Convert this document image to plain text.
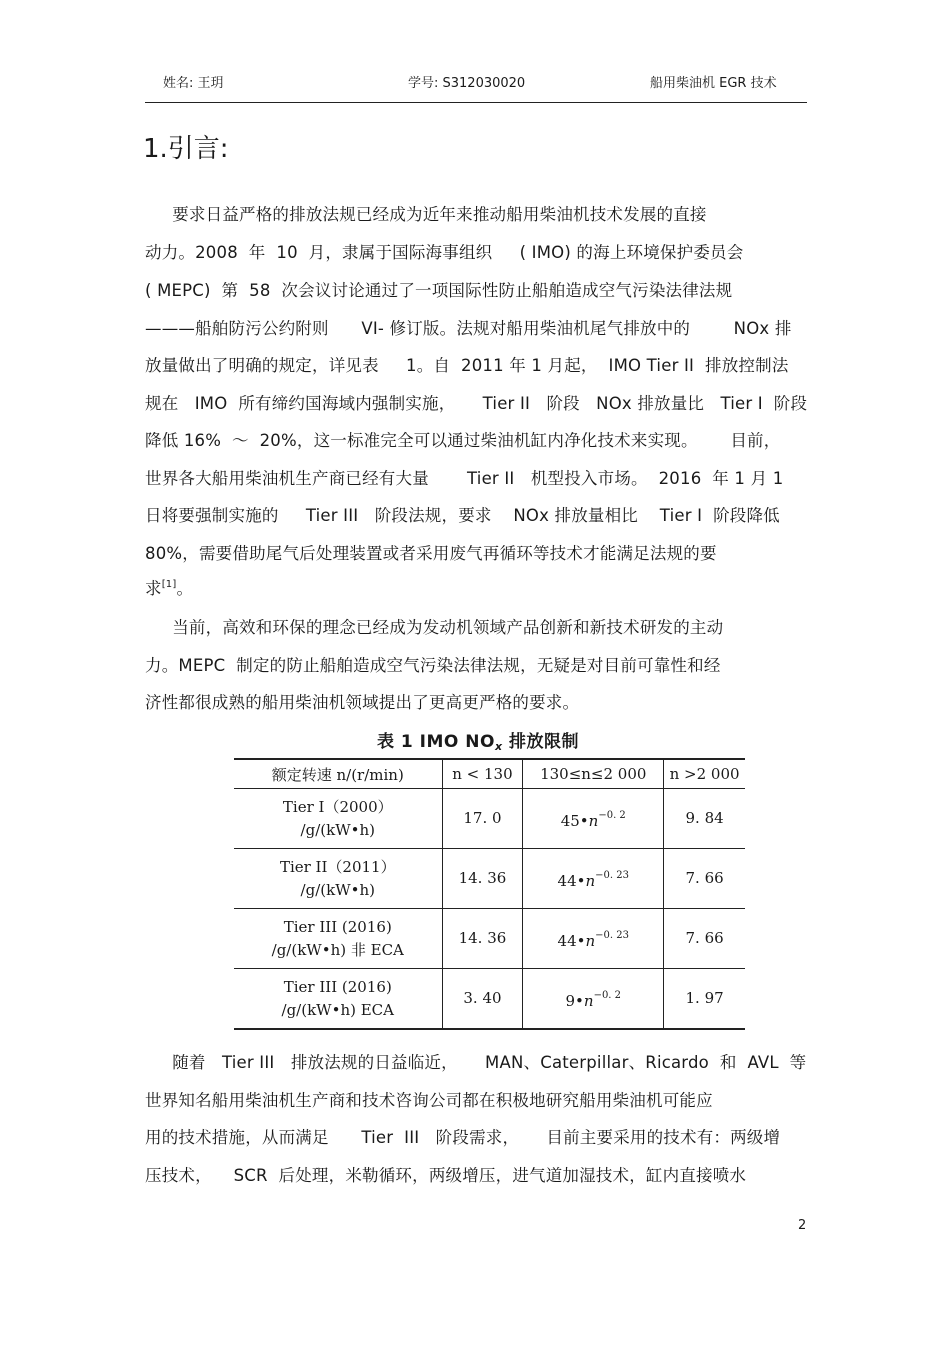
姓名: 王玥	学号: S312030020	船用柴油机 EGR 技术
1.引言:
要求日益严格的排放法规已经成为近年来推动船用柴油机技术发展的直接
动力。2008  年  10  月，隶属于国际海事组织     ( IMO) 的海上环境保护委员会
( MEPC)  第  58  次会议讨论通过了一项国际性防止船舶造成空气污染法律法规
———船舶防污公约附则      VI- 修订版。法规对船用柴油机尾气排放中的        NOx 排
放量做出了明确的规定，详见表     1。自  2011 年 1 月起，  IMO Tier II  排放控制法
规在   IMO  所有缔约国海域内强制实施，     Tier II   阶段   NOx 排放量比   Tier I  阶段
降低 16%  ～  20%，这一标准完全可以通过柴油机缸内净化技术来实现。      目前，
世界各大船用柴油机生产商已经有大量       Tier II   机型投入市场。  2016  年 1 月 1
日将要强制实施的     Tier III   阶段法规，要求    NOx 排放量相比    Tier I  阶段降低
80%，需要借助尾气后处理装置或者采用废气再循环等技术才能满足法规的要
求[1]。
当前，高效和环保的理念已经成为发动机领域产品创新和新技术研发的主动
力。MEPC  制定的防止船舶造成空气污染法律法规，无疑是对目前可靠性和经
济性都很成熟的船用柴油机领域提出了更高更严格的要求。
表 1 IMO $NO_x$ 排放限制
额定转速 n/(r/min)	n < 130	130≤n≤2 000	n >2 000

Tier I（2000）
/g/(kW•h)	17. 0	$45•n^{-0. 2}$	9. 84

Tier II（2011）
/g/(kW•h)	14. 36	$44•n^{-0. 23}$	7. 66

Tier III (2016)
/g/(kW•h) 非 ECA	14. 36	$44•n^{-0. 23}$	7. 66

Tier III (2016)
/g/(kW•h) ECA	3. 40	$9•n^{-0. 2}$	1. 97
随着   Tier III   排放法规的日益临近，     MAN、Caterpillar、Ricardo  和  AVL  等
世界知名船用柴油机生产商和技术咨询公司都在积极地研究船用柴油机可能应
用的技术措施，从而满足      Tier  III   阶段需求，     目前主要采用的技术有：两级增
压技术，    SCR  后处理，米勒循环，两级增压，进气道加湿技术，缸内直接喷水
2
